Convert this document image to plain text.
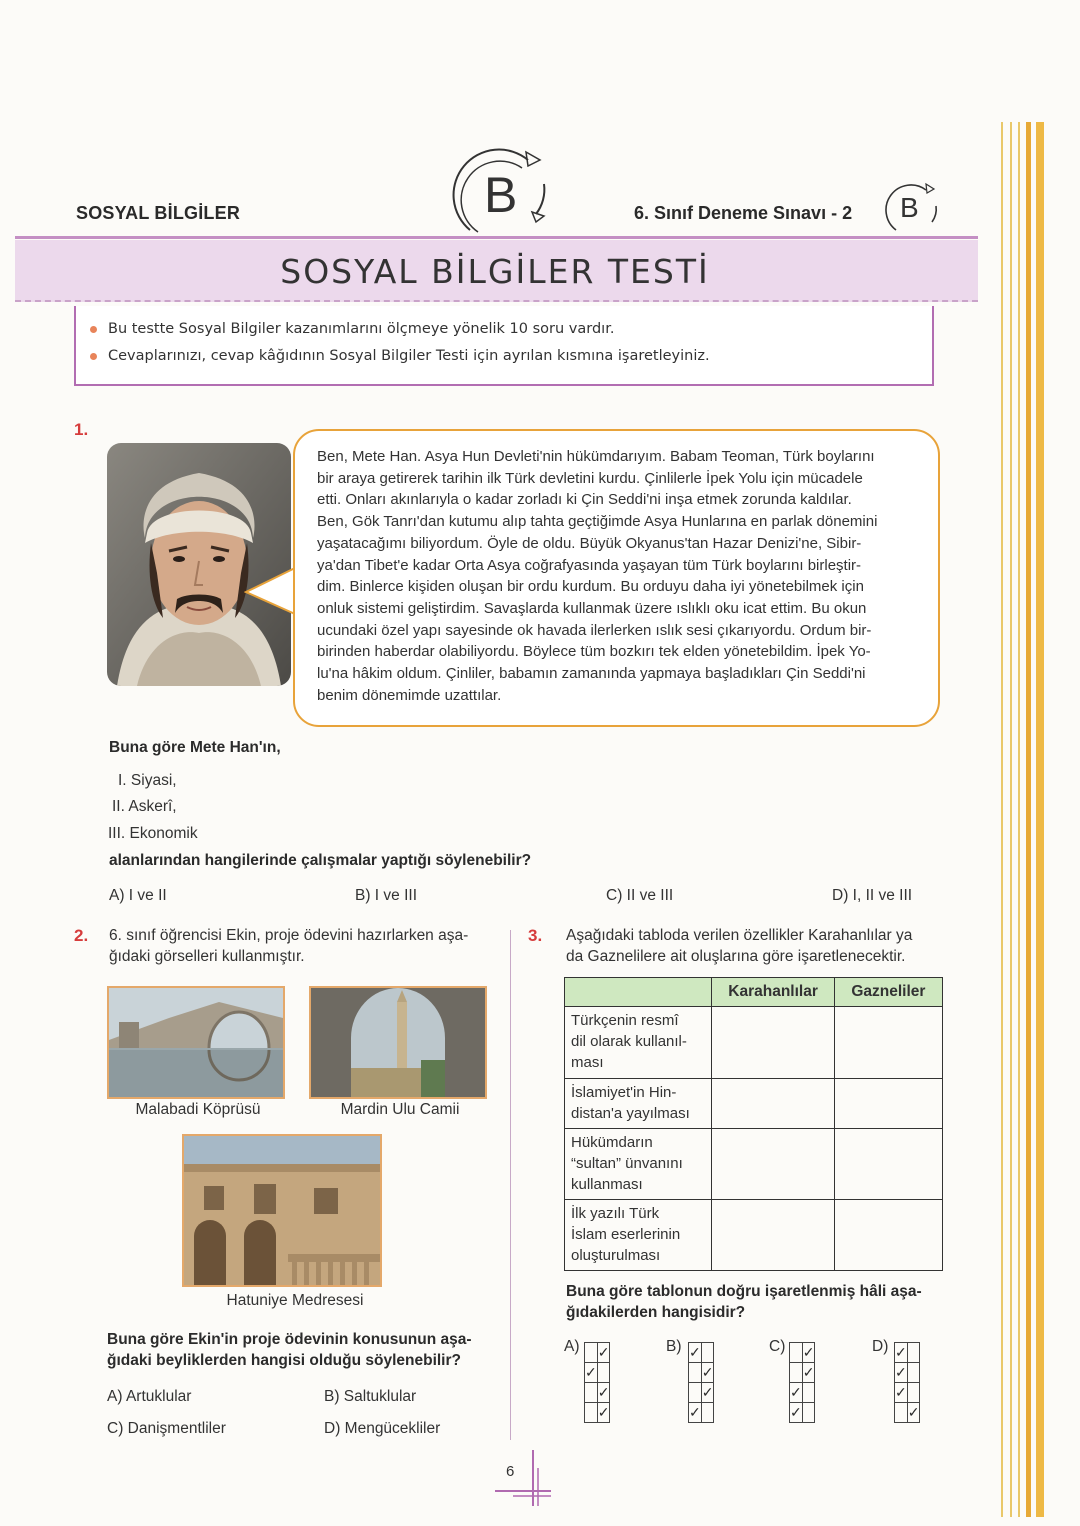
SOSYAL BİLGİLER	B	6. Sınıf Deneme Sınavı - 2 B
SOSYAL BİLGİLER TESTİ
Bu testte Sosyal Bilgiler kazanımlarını ölçmeye yönelik 10 soru vardır.
Cevaplarınızı, cevap kâğıdının Sosyal Bilgiler Testi için ayrılan kısmına işaretleyiniz.
1.
Ben, Mete Han. Asya Hun Devleti'nin hükümdarıyım. Babam Teoman, Türk boylarını
bir araya getirerek tarihin ilk Türk devletini kurdu. Çinlilerle İpek Yolu için mücadele
etti. Onları akınlarıyla o kadar zorladı ki Çin Seddi'ni inşa etmek zorunda kaldılar.
Ben, Gök Tanrı'dan kutumu alıp tahta geçtiğimde Asya Hunlarına en parlak dönemini
yaşatacağımı biliyordum. Öyle de oldu. Büyük Okyanus'tan Hazar Denizi'ne, Sibir-
ya'dan Tibet'e kadar Orta Asya coğrafyasında yaşayan tüm Türk boylarını birleştir-
dim. Binlerce kişiden oluşan bir ordu kurdum. Bu orduyu daha iyi yönetebilmek için
onluk sistemi geliştirdim. Savaşlarda kullanmak üzere ıslıklı oku icat ettim. Bu okun
ucundaki özel yapı sayesinde ok havada ilerlerken ıslık sesi çıkarıyordu. Ordum bir-
birinden haberdar olabiliyordu. Böylece tüm bozkırı tek elden yönetebildim. İpek Yo-
lu'na hâkim oldum. Çinliler, babamın zamanında yapmaya başladıkları Çin Seddi'ni
benim dönemimde uzattılar.
Buna göre Mete Han'ın,
I. Siyasi,
II. Askerî,
III. Ekonomik
alanlarından hangilerinde çalışmalar yaptığı söylenebilir?
A) I ve II	B) I ve III	C) II ve III	D) I, II ve III
2. 6. sınıf öğrencisi Ekin, proje ödevini hazırlarken aşa-
ğıdaki görselleri kullanmıştır.
Malabadi Köprüsü	Mardin Ulu Camii
Hatuniye Medresesi
Buna göre Ekin'in proje ödevinin konusunun aşa-
ğıdaki beyliklerden hangisi olduğu söylenebilir?
A) Artuklular	B) Saltuklular
C) Danişmentliler	D) Mengücekliler
3. Aşağıdaki tabloda verilen özellikler Karahanlılar ya
da Gaznelilere ait oluşlarına göre işaretlenecektir.
	Karahanlılar	Gazneliler

Türkçenin resmî
dil olarak kullanıl-
ması		

İslamiyet'in Hin-
distan'a yayılması		

Hükümdarın
“sultan” ünvanını
kullanması		

İlk yazılı Türk
İslam eserlerinin
oluşturulması		

Buna göre tablonun doğru işaretlenmiş hâli aşa-
ğıdakilerden hangisidir?
A)
	✓
✓	
	✓
	✓
B) ✓	
	✓
	✓
✓	
C)
	✓
	✓
✓	
✓	
D) ✓	
✓	
✓	
	✓
6
